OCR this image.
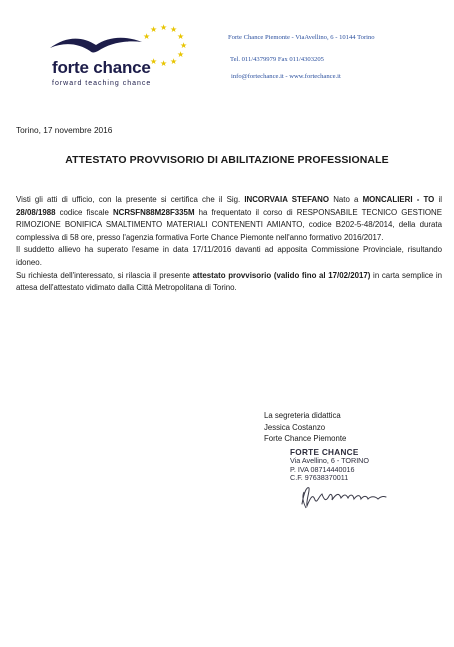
★ ★
★
★
★
★
★
★
★
★
forte chance
forward teaching chance
Forte Chance Piemonte - ViaAvellino, 6 - 10144 Torino
Tel. 011/4379979 Fax 011/4303205
info@fortechance.it - www.fortechance.it
Torino, 17 novembre 2016
ATTESTATO PROVVISORIO DI ABILITAZIONE PROFESSIONALE

Visti gli atti di ufficio, con la presente si certifica che il Sig. INCORVAIA STEFANO Nato a MONCALIERI - TO il 28/08/1988 codice fiscale NCRSFN88M28F335M ha frequentato il corso di RESPONSABILE TECNICO GESTIONE RIMOZIONE BONIFICA SMALTIMENTO MATERIALI CONTENENTI AMIANTO, codice B202-5-48/2014, della durata complessiva di 58 ore, presso l'agenzia formativa Forte Chance Piemonte nell'anno formativo 2016/2017.

Il suddetto allievo ha superato l'esame in data 17/11/2016 davanti ad apposita Commissione Provinciale, risultando idoneo.

Su richiesta dell'interessato, si rilascia il presente attestato provvisorio (valido fino al 17/02/2017) in carta semplice in attesa dell'attestato vidimato dalla Città Metropolitana di Torino.

La segreteria didattica
Jessica Costanzo
Forte Chance Piemonte
FORTE CHANCE
Via Avellino, 6 - TORINO
P. IVA 08714440016
C.F. 97638370011
